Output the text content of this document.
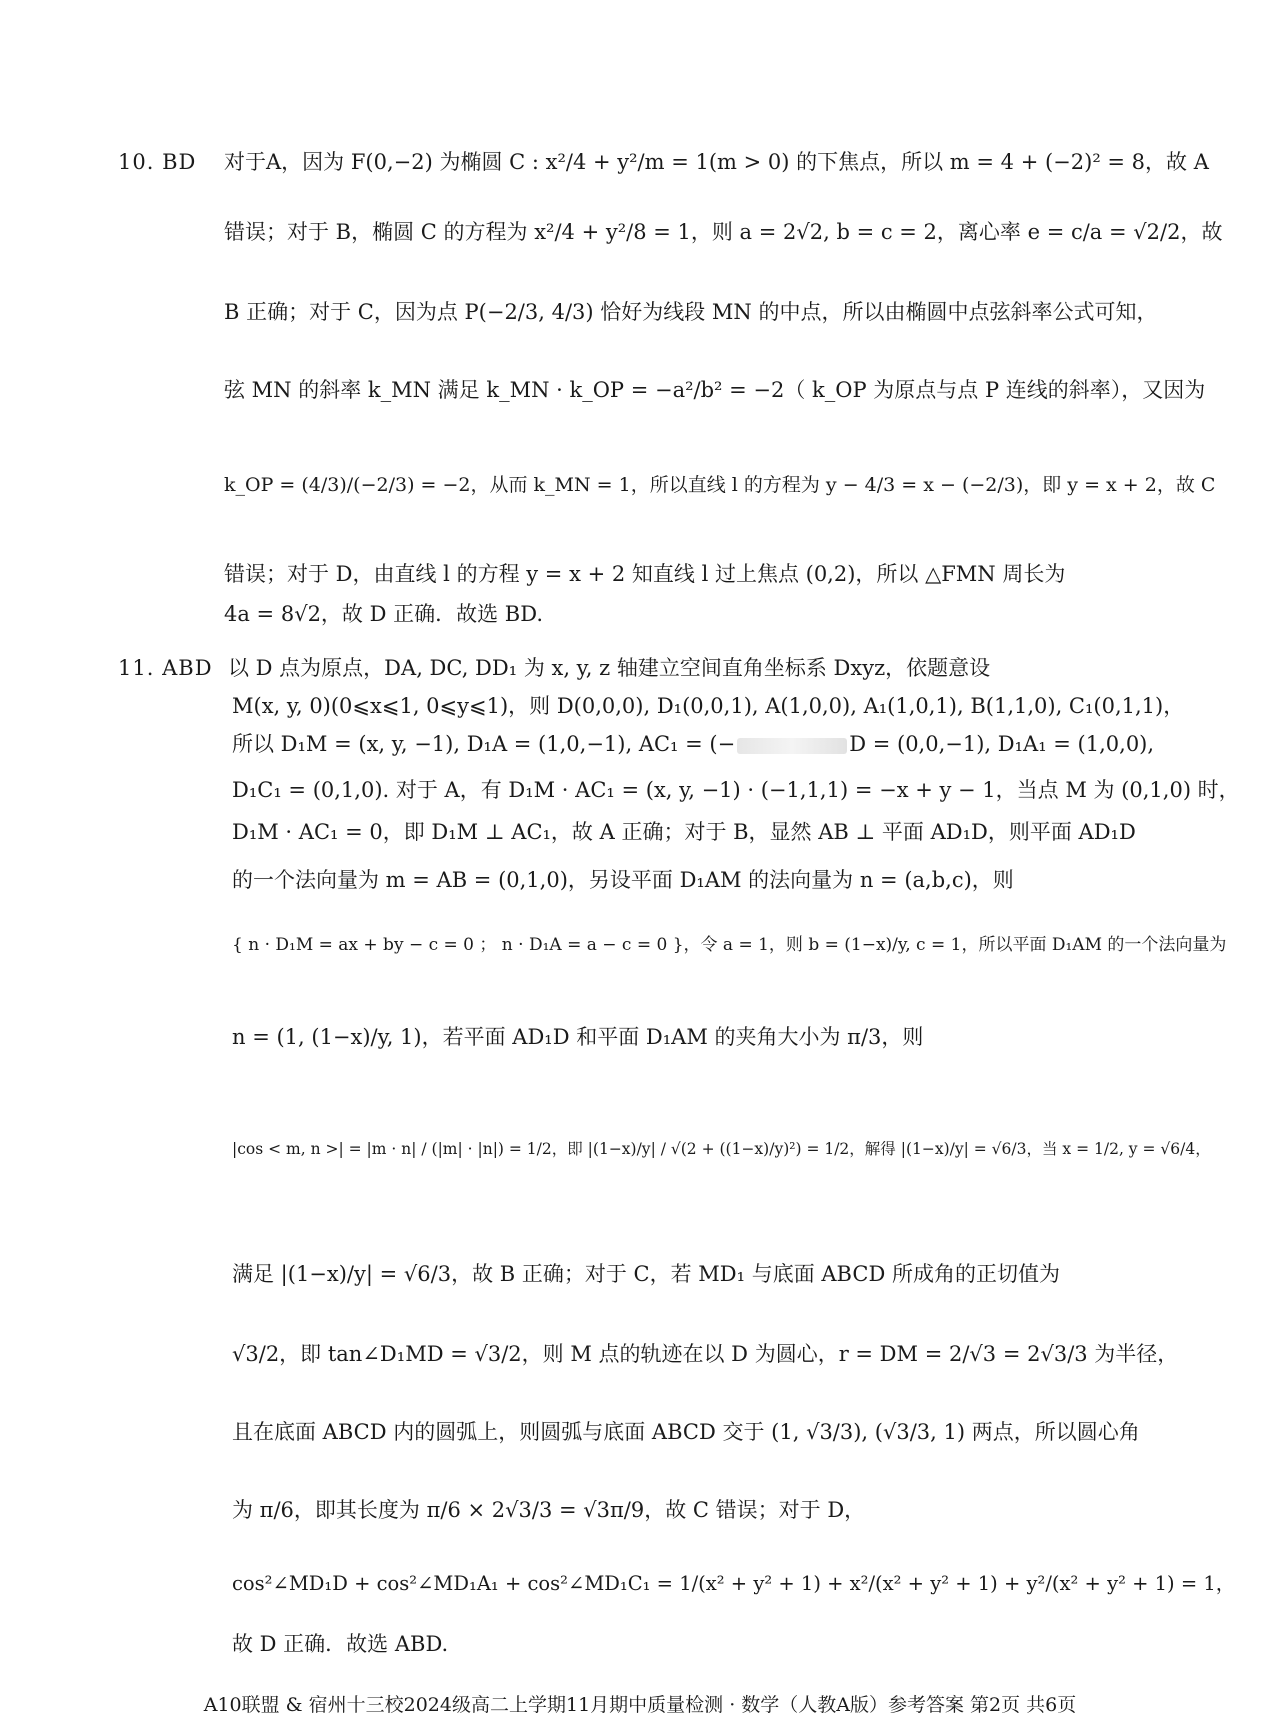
10. BD 对于A，因为 F(0,−2) 为椭圆 C : x²/4 + y²/m = 1(m > 0) 的下焦点，所以 m = 4 + (−2)² = 8，故 A
错误；对于 B，椭圆 C 的方程为 x²/4 + y²/8 = 1，则 a = 2√2, b = c = 2，离心率 e = c/a = √2/2，故
B 正确；对于 C，因为点 P(−2/3, 4/3) 恰好为线段 MN 的中点，所以由椭圆中点弦斜率公式可知，
弦 MN 的斜率 k_MN 满足 k_MN · k_OP = −a²/b² = −2（ k_OP 为原点与点 P 连线的斜率），又因为
k_OP = (4/3)/(−2/3) = −2，从而 k_MN = 1，所以直线 l 的方程为 y − 4/3 = x − (−2/3)，即 y = x + 2，故 C
错误；对于 D，由直线 l 的方程 y = x + 2 知直线 l 过上焦点 (0,2)，所以 △FMN 周长为
4a = 8√2，故 D 正确．故选 BD.
11. ABD 以 D 点为原点，DA, DC, DD₁ 为 x, y, z 轴建立空间直角坐标系 Dxyz，依题意设
M(x, y, 0)(0⩽x⩽1, 0⩽y⩽1)，则 D(0,0,0), D₁(0,0,1), A(1,0,0), A₁(1,0,1), B(1,1,0), C₁(0,1,1)，
所以 D₁M = (x, y, −1), D₁A = (1,0,−1), AC₁ = (−	D = (0,0,−1), D₁A₁ = (1,0,0),
D₁C₁ = (0,1,0). 对于 A，有 D₁M · AC₁ = (x, y, −1) · (−1,1,1) = −x + y − 1，当点 M 为 (0,1,0) 时，
D₁M · AC₁ = 0，即 D₁M ⊥ AC₁，故 A 正确；对于 B，显然 AB ⊥ 平面 AD₁D，则平面 AD₁D
的一个法向量为 m = AB = (0,1,0)，另设平面 D₁AM 的法向量为 n = (a,b,c)，则
{ n · D₁M = ax + by − c = 0 ； n · D₁A = a − c = 0 }，令 a = 1，则 b = (1−x)/y, c = 1，所以平面 D₁AM 的一个法向量为
n = (1, (1−x)/y, 1)，若平面 AD₁D 和平面 D₁AM 的夹角大小为 π/3，则
|cos < m, n >| = |m · n| / (|m| · |n|) = 1/2，即 |(1−x)/y| / √(2 + ((1−x)/y)²) = 1/2，解得 |(1−x)/y| = √6/3，当 x = 1/2, y = √6/4，
满足 |(1−x)/y| = √6/3，故 B 正确；对于 C，若 MD₁ 与底面 ABCD 所成角的正切值为
√3/2，即 tan∠D₁MD = √3/2，则 M 点的轨迹在以 D 为圆心，r = DM = 2/√3 = 2√3/3 为半径，
且在底面 ABCD 内的圆弧上，则圆弧与底面 ABCD 交于 (1, √3/3), (√3/3, 1) 两点，所以圆心角
为 π/6，即其长度为 π/6 × 2√3/3 = √3π/9，故 C 错误；对于 D，
cos²∠MD₁D + cos²∠MD₁A₁ + cos²∠MD₁C₁ = 1/(x² + y² + 1) + x²/(x² + y² + 1) + y²/(x² + y² + 1) = 1，
故 D 正确．故选 ABD.
A10联盟 & 宿州十三校2024级高二上学期11月期中质量检测 · 数学（人教A版）参考答案 第2页 共6页
